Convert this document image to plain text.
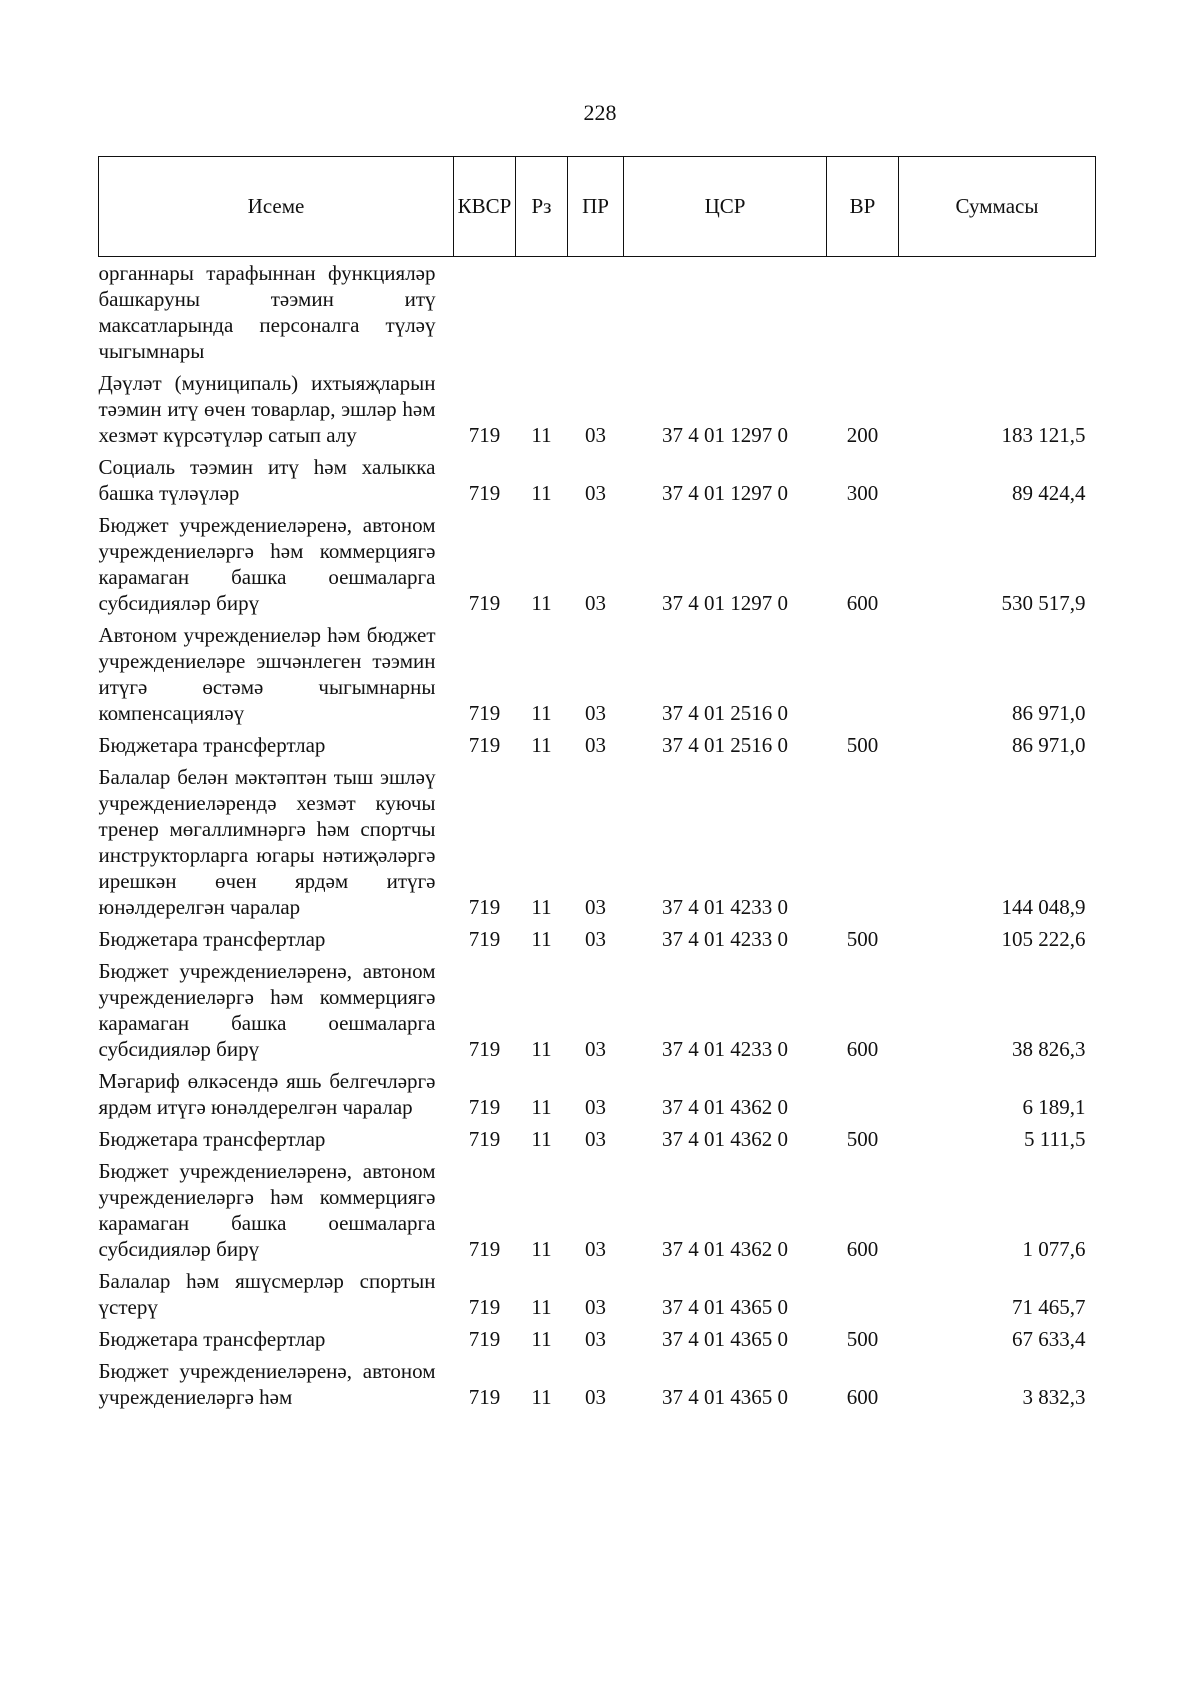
228
Исеме	КВСР	Рз	ПР	ЦСР	ВР	Суммасы
органнары тарафыннан функцияләр башкаруны тәэмин итү максатларында персоналга түләү чыгымнары						
Дәүләт (муниципаль) ихтыяҗларын тәэмин итү өчен товарлар, эшләр һәм хезмәт күрсәтүләр сатып алу	719	11	03	37 4 01 1297 0	200	183 121,5
Социаль тәэмин итү һәм халыкка башка түләүләр	719	11	03	37 4 01 1297 0	300	89 424,4
Бюджет учреждениеләренә, автоном учреждениеләргә һәм коммерциягә карамаган башка оешмаларга субсидияләр бирү	719	11	03	37 4 01 1297 0	600	530 517,9
Автоном учреждениеләр һәм бюджет учреждениеләре эшчәнлеген тәэмин итүгә өстәмә чыгымнарны компенсацияләү	719	11	03	37 4 01 2516 0		86 971,0
Бюджетара трансфертлар	719	11	03	37 4 01 2516 0	500	86 971,0
Балалар белән мәктәптән тыш эшләү учреждениеләрендә хезмәт куючы тренер мөгаллимнәргә һәм спортчы инструкторларга югары нәтиҗәләргә ирешкән өчен ярдәм итүгә юнәлдерелгән чаралар	719	11	03	37 4 01 4233 0		144 048,9
Бюджетара трансфертлар	719	11	03	37 4 01 4233 0	500	105 222,6
Бюджет учреждениеләренә, автоном учреждениеләргә һәм коммерциягә карамаган башка оешмаларга субсидияләр бирү	719	11	03	37 4 01 4233 0	600	38 826,3
Мәгариф өлкәсендә яшь белгечләргә ярдәм итүгә юнәлдерелгән чаралар	719	11	03	37 4 01 4362 0		6 189,1
Бюджетара трансфертлар	719	11	03	37 4 01 4362 0	500	5 111,5
Бюджет учреждениеләренә, автоном учреждениеләргә һәм коммерциягә карамаган башка оешмаларга субсидияләр бирү	719	11	03	37 4 01 4362 0	600	1 077,6
Балалар һәм яшүсмерләр спортын үстерү	719	11	03	37 4 01 4365 0		71 465,7
Бюджетара трансфертлар	719	11	03	37 4 01 4365 0	500	67 633,4
Бюджет учреждениеләренә, автоном учреждениеләргә һәм	719	11	03	37 4 01 4365 0	600	3 832,3
